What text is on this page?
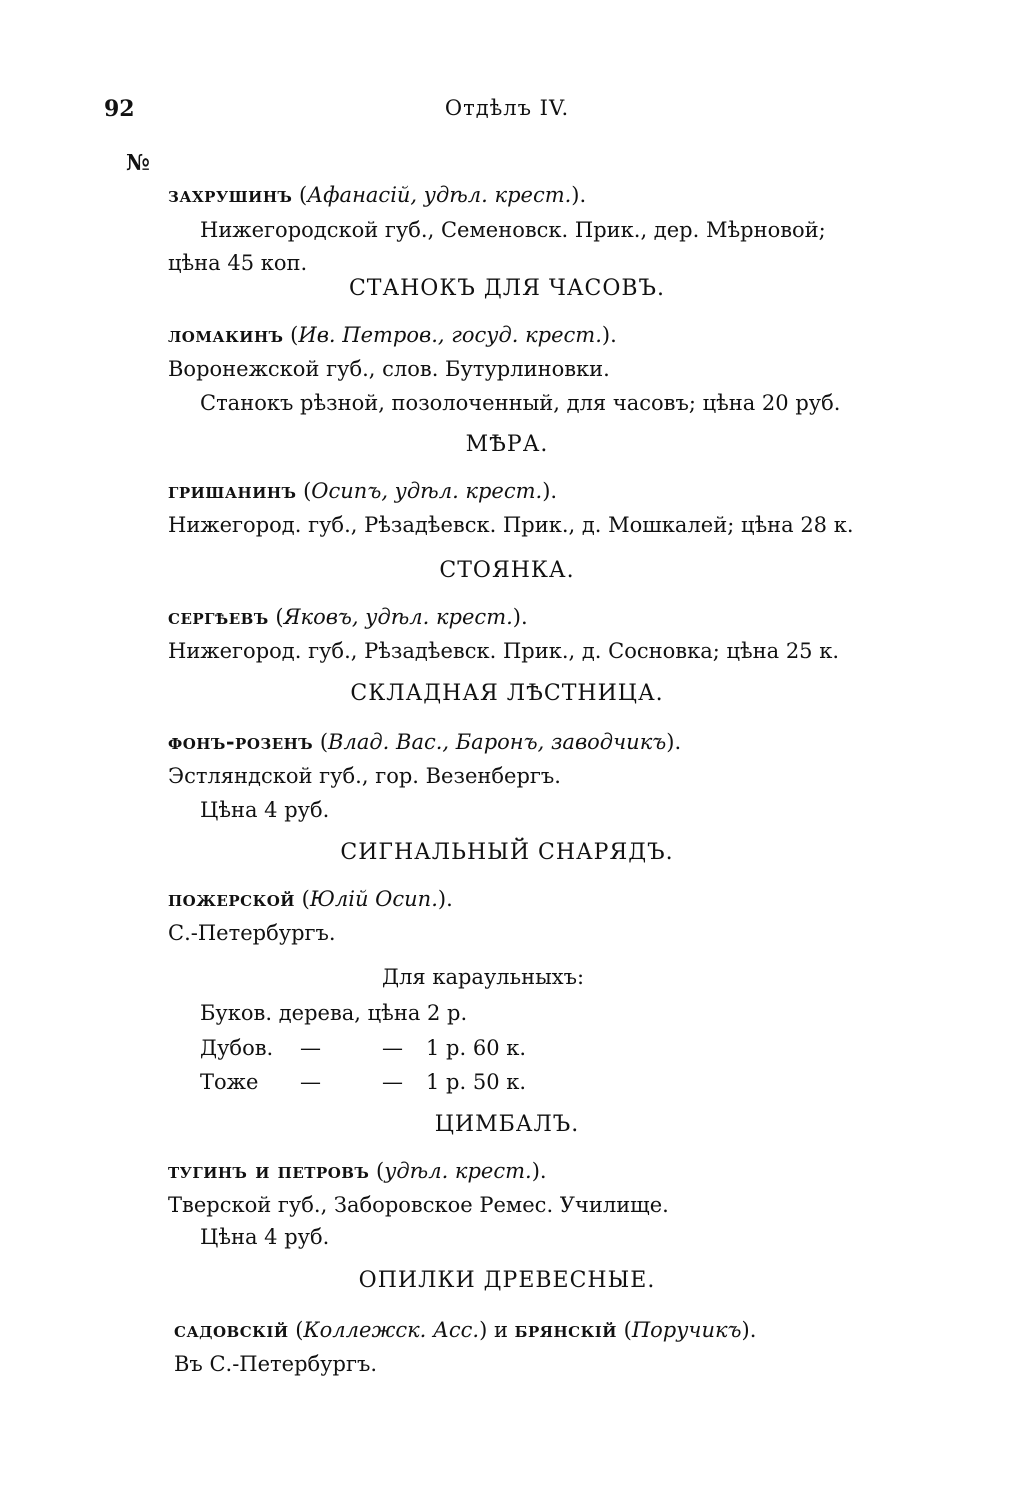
92	Отдѣлъ IV.
№
захрушинъ (Афанасій, удѣл. крест.).
Нижегородской губ., Семеновск. Прик., дер. Мѣрновой;
цѣна 45 коп.
СТАНОКЪ ДЛЯ ЧАСОВЪ.
ломакинъ (Ив. Петров., госуд. крест.).
Воронежской губ., слов. Бутурлиновки.
Станокъ рѣзной, позолоченный, для часовъ; цѣна 20 руб.
МѢРА.
гришанинъ (Осипъ, удѣл. крест.).
Нижегород. губ., Рѣзадѣевск. Прик., д. Мошкалей; цѣна 28 к.
СТОЯНКА.
сергѣевъ (Яковъ, удѣл. крест.).
Нижегород. губ., Рѣзадѣевск. Прик., д. Сосновка; цѣна 25 к.
СКЛАДНАЯ ЛѢСТНИЦА.
фонъ-розенъ (Влад. Вас., Баронъ, заводчикъ).
Эстляндской губ., гор. Везенбергъ.
Цѣна 4 руб.
СИГНАЛЬНЫЙ СНАРЯДЪ.
пожерской (Юлій Осип.).
С.-Петербургъ.
Для караульныхъ:
Буков. дерева, цѣна 2 р.
Дубов. —	— 1 р. 60 к.
Тоже —	— 1 р. 50 к.
ЦИМБАЛЪ.
тугинъ и петровъ (удѣл. крест.).
Тверской губ., Заборовское Ремес. Училище.
Цѣна 4 руб.
ОПИЛКИ ДРЕВЕСНЫЕ.
садовскій (Коллежск. Асс.) и брянскій (Поручикъ).
Въ С.-Петербургъ.
